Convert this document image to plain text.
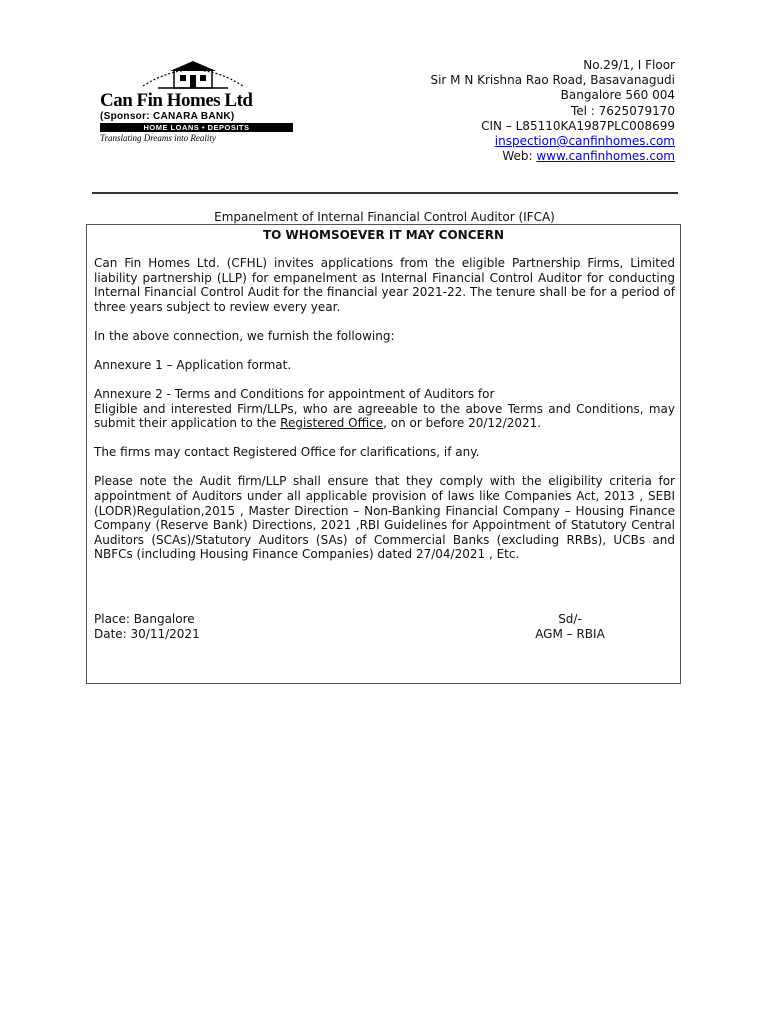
Can Fin Homes Ltd
(Sponsor: CANARA BANK)
HOME LOANS • DEPOSITS
Translating Dreams into Reality
No.29/1, I Floor
Sir M N Krishna Rao Road, Basavanagudi
Bangalore 560 004
Tel : 7625079170
CIN – L85110KA1987PLC008699
inspection@canfinhomes.com
Web: www.canfinhomes.com
Empanelment of Internal Financial Control Auditor (IFCA)
TO WHOMSOEVER IT MAY CONCERN

Can Fin Homes Ltd. (CFHL) invites applications from the eligible Partnership Firms, Limited liability partnership (LLP) for empanelment as Internal Financial Control Auditor for conducting Internal Financial Control Audit for the financial year 2021-22. The tenure shall be for a period of three years subject to review every year.

In the above connection, we furnish the following:

Annexure 1 – Application format.

Annexure 2 - Terms and Conditions for appointment of Auditors for
Eligible and interested Firm/LLPs, who are agreeable to the above Terms and Conditions, may submit their application to the Registered Office, on or before 20/12/2021.

The firms may contact Registered Office for clarifications, if any.

Please note the Audit firm/LLP shall ensure that they comply with the eligibility criteria for appointment of Auditors under all applicable provision of laws like Companies Act, 2013 , SEBI (LODR)Regulation,2015 , Master Direction – Non-Banking Financial Company – Housing Finance Company (Reserve Bank) Directions, 2021 ,RBI Guidelines for Appointment of Statutory Central Auditors (SCAs)/Statutory Auditors (SAs) of Commercial Banks (excluding RRBs), UCBs and NBFCs (including Housing Finance Companies) dated 27/04/2021 , Etc.

Place: Bangalore
Date: 30/11/2021
Sd/-
AGM – RBIA
